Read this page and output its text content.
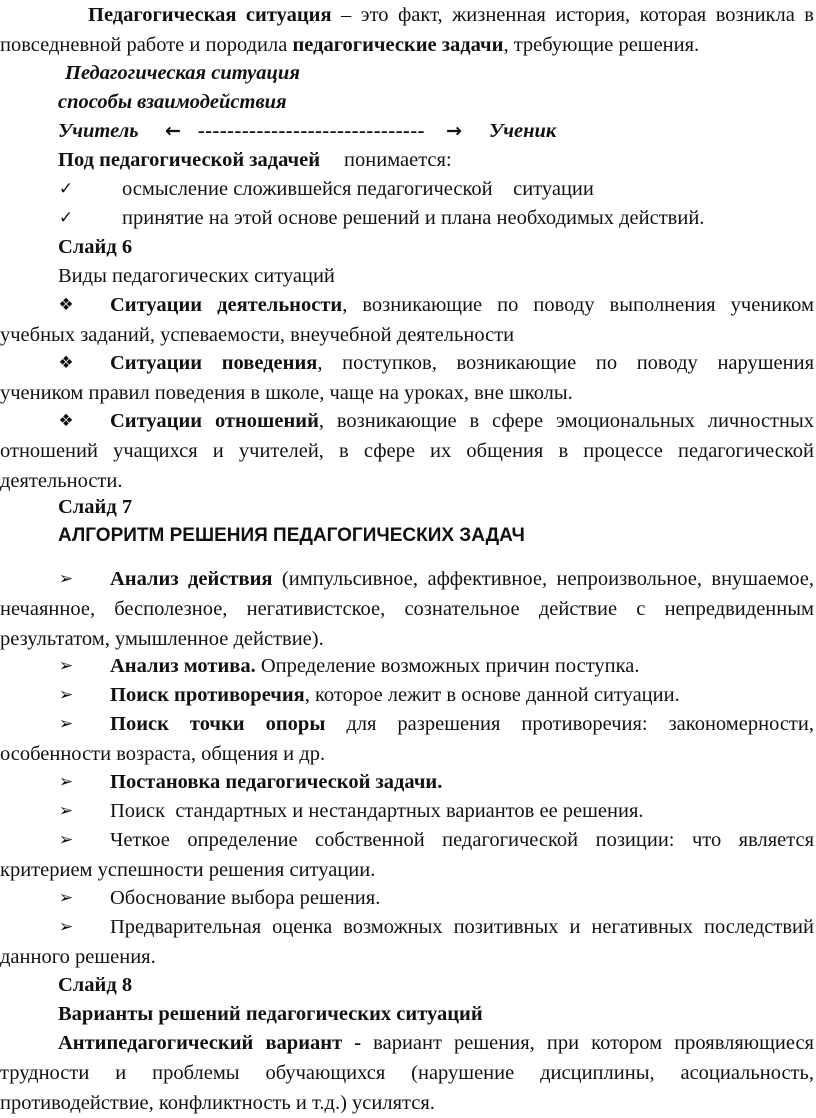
Педагогическая ситуация – это факт, жизненная история, которая возникла в повседневной работе и породила педагогические задачи, требующие решения.
Педагогическая ситуация
способы взаимодействия
Учитель ← ------------------------------- → Ученик
Под педагогической задачей понимается:
✓ осмысление сложившейся педагогической    ситуации
✓ принятие на этой основе решений и плана необходимых действий.
Слайд 6
Виды педагогических ситуаций
❖	Ситуации деятельности, возникающие по поводу выполнения учеником учебных заданий, успеваемости, внеучебной деятельности
❖	Ситуации поведения, поступков, возникающие по поводу нарушения учеником правил поведения в школе, чаще на уроках, вне школы.
❖	Ситуации отношений, возникающие в сфере эмоциональных личностных отношений учащихся и учителей, в сфере их общения в процессе педагогической деятельности.
Слайд 7
АЛГОРИТМ РЕШЕНИЯ ПЕДАГОГИЧЕСКИХ ЗАДАЧ
➢	Анализ действия (импульсивное, аффективное, непроизвольное, внушаемое, нечаянное, бесполезное, негативистское, сознательное действие с непредвиденным результатом, умышленное действие).
➢ Анализ мотива. Определение возможных причин поступка.
➢ Поиск противоречия, которое лежит в основе данной ситуации.
➢	Поиск точки опоры для разрешения противоречия: закономерности, особенности возраста, общения и др.
➢ Постановка педагогической задачи.
➢ Поиск  стандартных и нестандартных вариантов ее решения.
➢	Четкое определение собственной педагогической позиции: что является критерием успешности решения ситуации.
➢ Обоснование выбора решения.
➢	Предварительная оценка возможных позитивных и негативных последствий данного решения.
Слайд 8
Варианты решений педагогических ситуаций
Антипедагогический вариант - вариант решения, при котором проявляющиеся трудности и проблемы обучающихся (нарушение дисциплины, асоциальность, противодействие, конфликтность и т.д.) усилятся.
